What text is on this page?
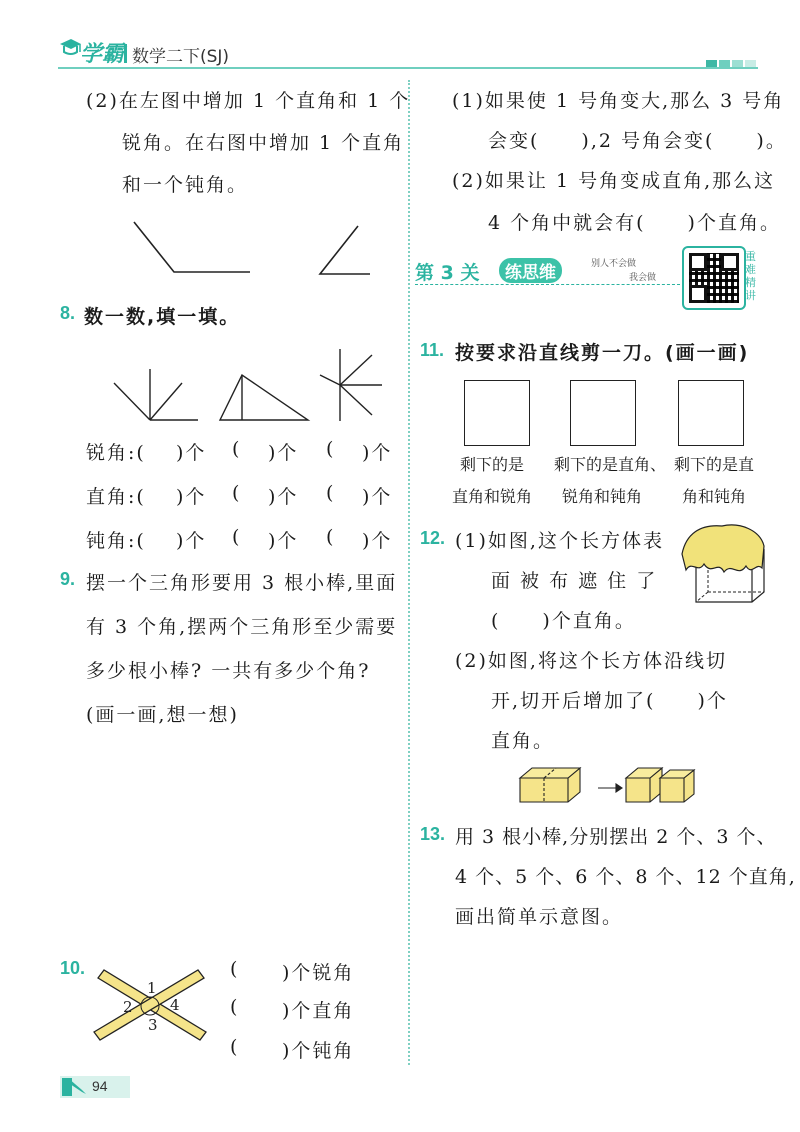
学霸 数学二下(SJ)
(2)在左图中增加 1 个直角和 1 个
锐角。在右图中增加 1 个直角
和一个钝角。
8. 数一数,填一填。
锐角:( )个 ( )个 ( )个
直角:( )个 ( )个 ( )个
钝角:( )个 ( )个 ( )个
9. 摆一个三角形要用 3 根小棒,里面
有 3 个角,摆两个三角形至少需要
多少根小棒? 一共有多少个角?
(画一画,想一想)
10.
1
2
3
4
( )个锐角
( )个直角
( )个钝角
94
(1)如果使 1 号角变大,那么 3 号角
会变(　　),2 号角会变(　　)。
(2)如果让 1 号角变成直角,那么这
4 个角中就会有(　　)个直角。
第 3 关	练思维	别人不会做
我会做
重难精讲
11. 按要求沿直线剪一刀。(画一画)
剩下的是
直角和锐角
剩下的是直角、
锐角和钝角
剩下的是直
角和钝角
12. (1)如图,这个长方体表
面 被 布 遮 住 了
(　　)个直角。
(2)如图,将这个长方体沿线切
开,切开后增加了(　　)个
直角。
13. 用 3 根小棒,分别摆出 2 个、3 个、
4 个、5 个、6 个、8 个、12 个直角,
画出简单示意图。
